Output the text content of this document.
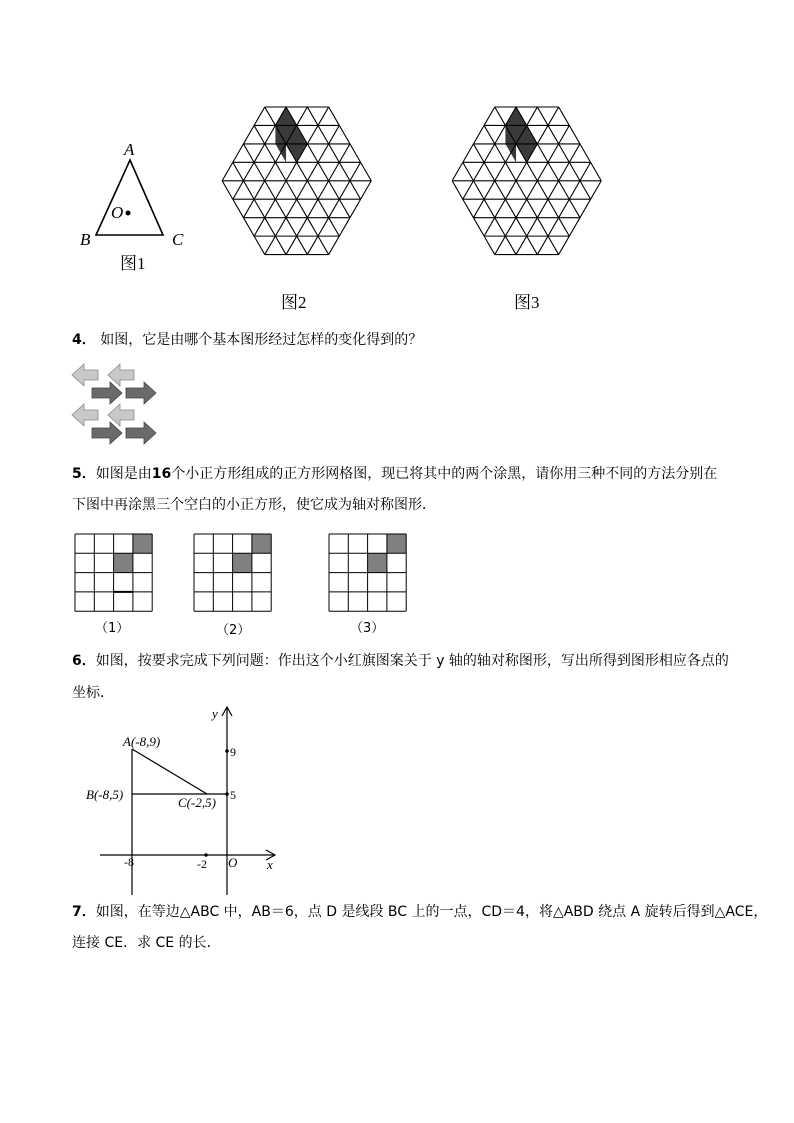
A
B	C
O
图1
图2	图3
4． 如图，它是由哪个基本图形经过怎样的变化得到的？
5．如图是由16个小正方形组成的正方形网格图，现已将其中的两个涂黑，请你用三种不同的方法分别在
下图中再涂黑三个空白的小正方形，使它成为轴对称图形．
（1）	（2）	（3）
6．如图，按要求完成下列问题：作出这个小红旗图案关于 y 轴的轴对称图形，写出所得到图形相应各点的
坐标．
y
x
O
9
5
-8	-2
A(-8,9)
B(-8,5)
C(-2,5)
7．如图，在等边△ABC 中，AB＝6，点 D 是线段 BC 上的一点，CD＝4，将△ABD 绕点 A 旋转后得到△ACE，
连接 CE．求 CE 的长．
